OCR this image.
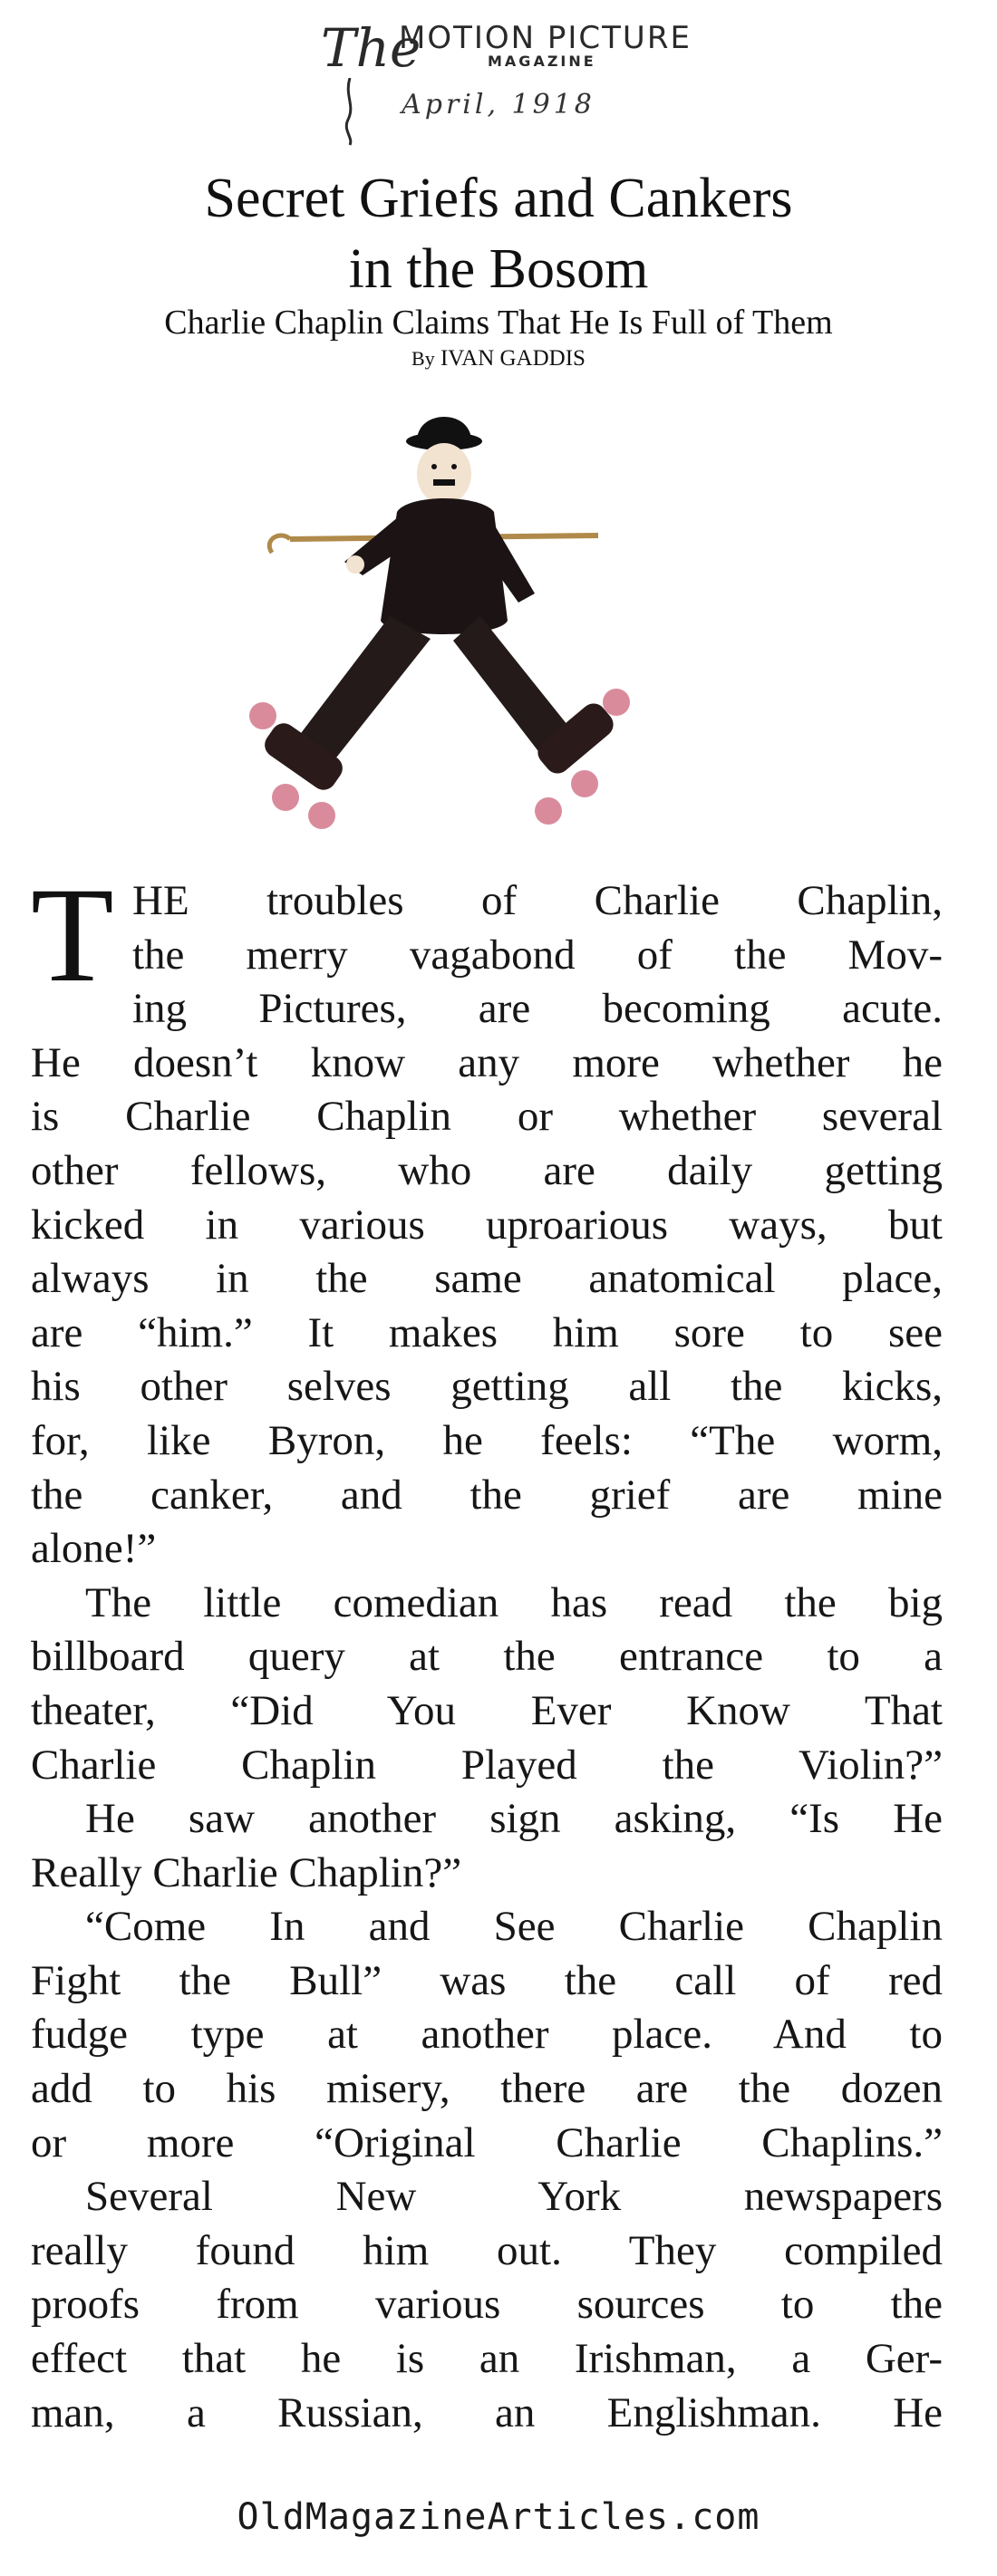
The
MOTION PICTURE
MAGAZINE
April, 1918
Secret Griefs and Cankers
in the Bosom
Charlie Chaplin Claims That He Is Full of Them
By IVAN GADDIS
T HE troubles of Charlie Chaplin,
the merry vagabond of the Mov-
ing Pictures, are becoming acute.
He doesn’t know any more whether he
is Charlie Chaplin or whether several
other fellows, who are daily getting
kicked in various uproarious ways, but
always in the same anatomical place,
are “him.” It makes him sore to see
his other selves getting all the kicks,
for, like Byron, he feels: “The worm,
the canker, and the grief are mine
alone!”
The little comedian has read the big
billboard query at the entrance to a
theater, “Did You Ever Know That
Charlie Chaplin Played the Violin?”
He saw another sign asking, “Is He
Really Charlie Chaplin?”
“Come In and See Charlie Chaplin
Fight the Bull” was the call of red
fudge type at another place. And to
add to his misery, there are the dozen
or more “Original Charlie Chaplins.”
Several New York newspapers
really found him out. They compiled
proofs from various sources to the
effect that he is an Irishman, a Ger-
man, a Russian, an Englishman. He
OldMagazineArticles.com
